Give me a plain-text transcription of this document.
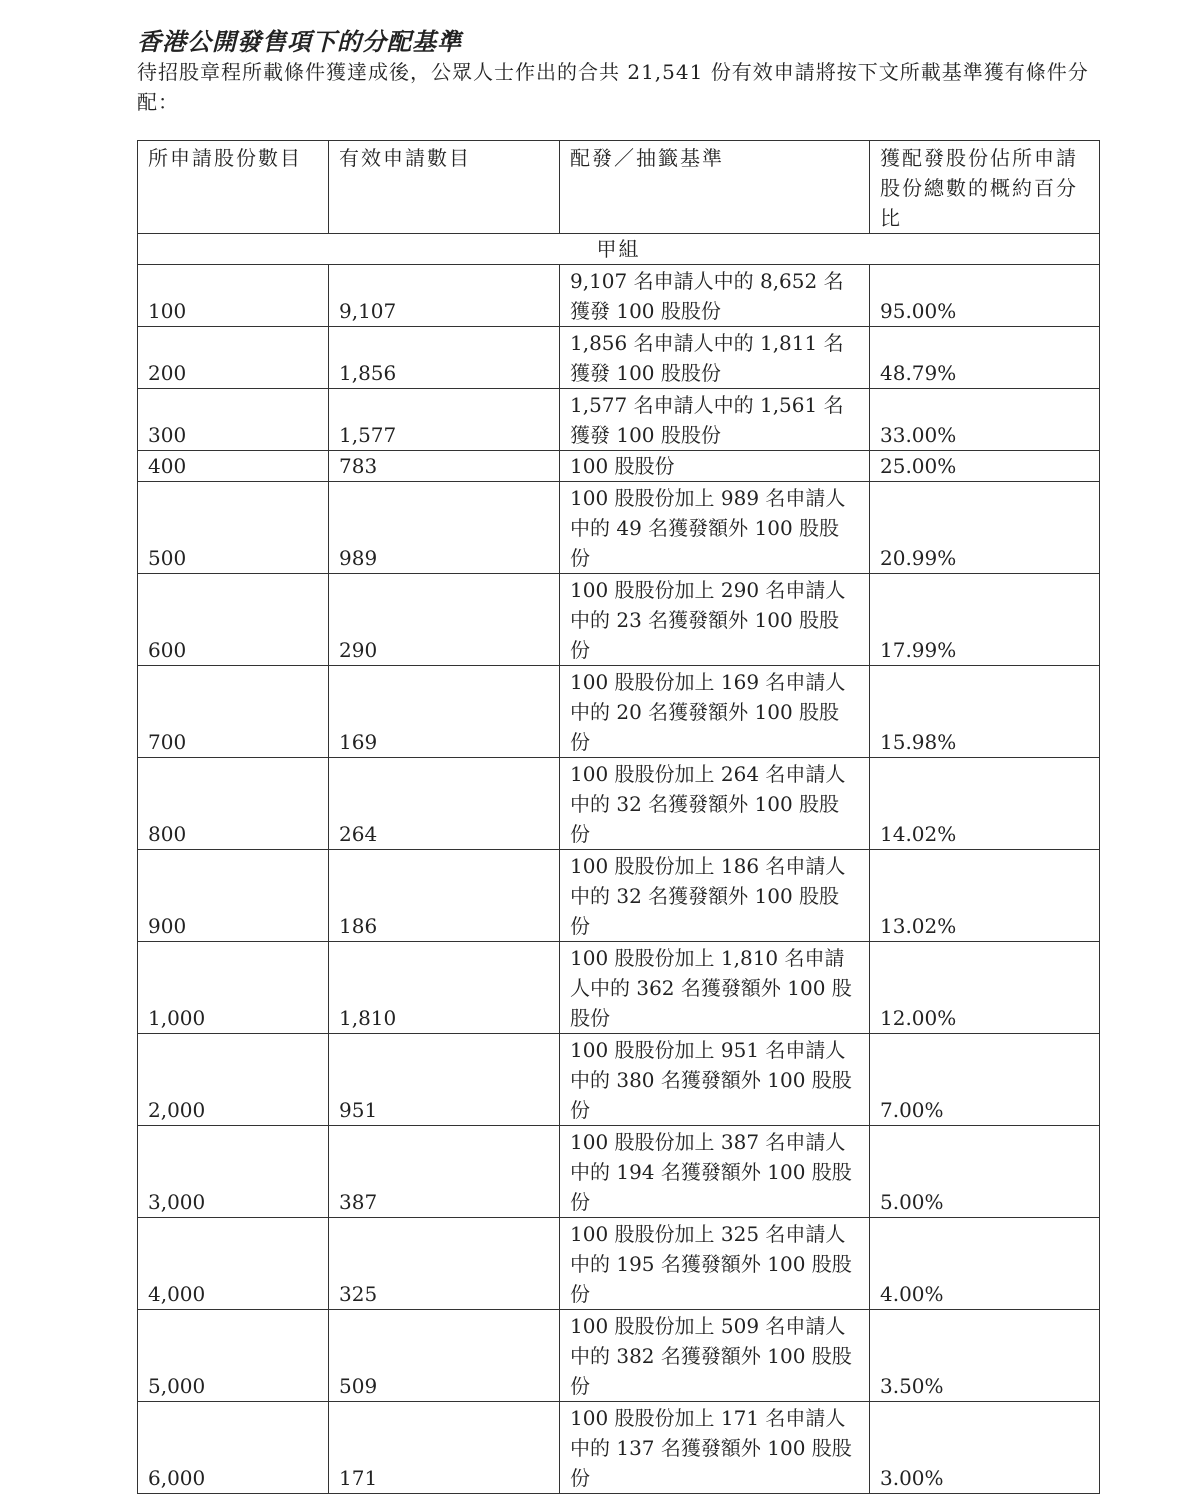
香港公開發售項下的分配基準
待招股章程所載條件獲達成後，公眾人士作出的合共 21,541 份有效申請將按下文所載基準獲有條件分配：
所申請股份數目	有效申請數目	配發／抽籤基準	獲配發股份佔所申請股份總數的概約百分比
甲組			
100	9,107	9,107 名申請人中的 8,652 名獲發 100 股股份	95.00%
200	1,856	1,856 名申請人中的 1,811 名獲發 100 股股份	48.79%
300	1,577	1,577 名申請人中的 1,561 名獲發 100 股股份	33.00%
400	783	100 股股份	25.00%
500	989	100 股股份加上 989 名申請人中的 49 名獲發額外 100 股股份	20.99%
600	290	100 股股份加上 290 名申請人中的 23 名獲發額外 100 股股份	17.99%
700	169	100 股股份加上 169 名申請人中的 20 名獲發額外 100 股股份	15.98%
800	264	100 股股份加上 264 名申請人中的 32 名獲發額外 100 股股份	14.02%
900	186	100 股股份加上 186 名申請人中的 32 名獲發額外 100 股股份	13.02%
1,000	1,810	100 股股份加上 1,810 名申請人中的 362 名獲發額外 100 股股份	12.00%
2,000	951	100 股股份加上 951 名申請人中的 380 名獲發額外 100 股股份	7.00%
3,000	387	100 股股份加上 387 名申請人中的 194 名獲發額外 100 股股份	5.00%
4,000	325	100 股股份加上 325 名申請人中的 195 名獲發額外 100 股股份	4.00%
5,000	509	100 股股份加上 509 名申請人中的 382 名獲發額外 100 股股份	3.50%
6,000	171	100 股股份加上 171 名申請人中的 137 名獲發額外 100 股股份	3.00%
